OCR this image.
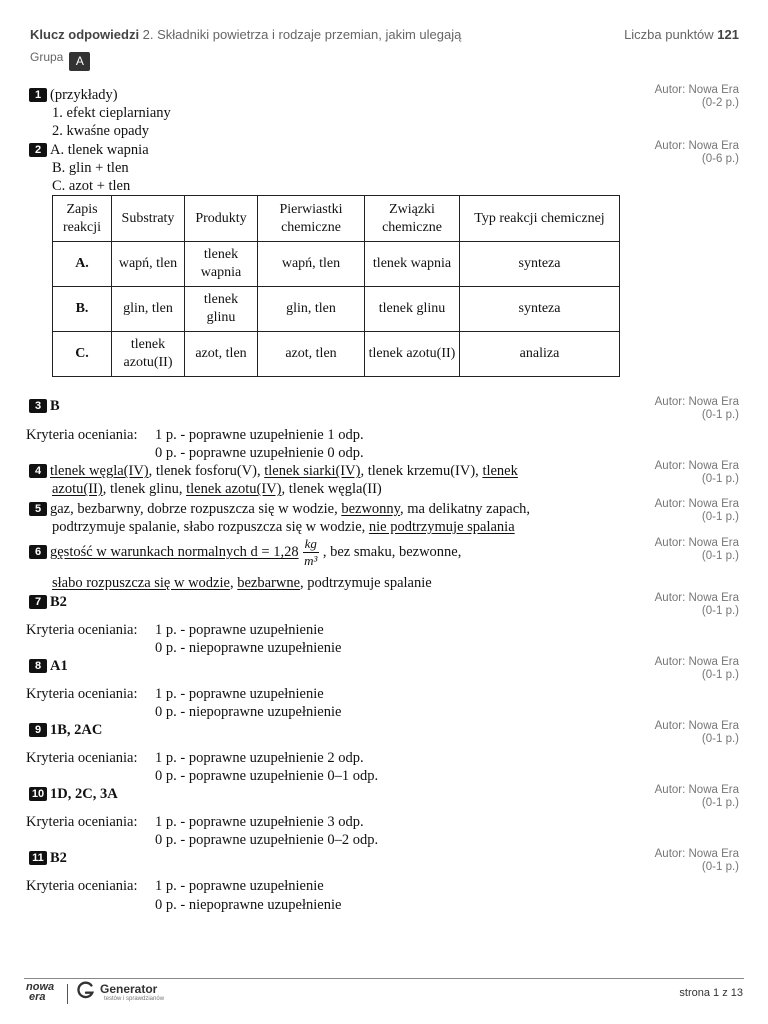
Klucz odpowiedzi 2. Składniki powietrza i rodzaje przemian, jakim ulegają	Liczba punktów 121
Grupa A
1 (przykłady)
1. efekt cieplarniany
2. kwaśne opady
Autor: Nowa Era
(0-2 p.)
2 A. tlenek wapnia
B. glin + tlen
C. azot + tlen
Autor: Nowa Era
(0-6 p.)
Zapis reakcji	Substraty	Produkty	Pierwiastki chemiczne	Związki chemiczne	Typ reakcji chemicznej
A.	wapń, tlen	tlenek wapnia	wapń, tlen	tlenek wapnia	synteza
B.	glin, tlen	tlenek glinu	glin, tlen	tlenek glinu	synteza
C.	tlenek azotu(II)	azot, tlen	azot, tlen	tlenek azotu(II)	analiza
3 B	Autor: Nowa Era
(0-1 p.)
Kryteria oceniania: 1 p. - poprawne uzupełnienie 1 odp.
0 p. - poprawne uzupełnienie 0 odp.
4 tlenek węgla(IV), tlenek fosforu(V), tlenek siarki(IV), tlenek krzemu(IV), tlenek
azotu(II), tlenek glinu, tlenek azotu(IV), tlenek węgla(II)
Autor: Nowa Era
(0-1 p.)
5 gaz, bezbarwny, dobrze rozpuszcza się w wodzie, bezwonny, ma delikatny zapach,
podtrzymuje spalanie, słabo rozpuszcza się w wodzie, nie podtrzymuje spalania
Autor: Nowa Era
(0-1 p.)
6 gęstość w warunkach normalnych $d = 1,28 \frac{kg}{\text{m³}}$ , bez smaku, bezwonne,
słabo rozpuszcza się w wodzie, bezbarwne, podtrzymuje spalanie
Autor: Nowa Era
(0-1 p.)
7 B2	Autor: Nowa Era
(0-1 p.)
Kryteria oceniania: 1 p. - poprawne uzupełnienie
0 p. - niepoprawne uzupełnienie
8 A1	Autor: Nowa Era
(0-1 p.)
Kryteria oceniania: 1 p. - poprawne uzupełnienie
0 p. - niepoprawne uzupełnienie
9 1B, 2AC	Autor: Nowa Era
(0-1 p.)
Kryteria oceniania: 1 p. - poprawne uzupełnienie 2 odp.
0 p. - poprawne uzupełnienie 0–1 odp.
10 1D, 2C, 3A	Autor: Nowa Era
(0-1 p.)
Kryteria oceniania: 1 p. - poprawne uzupełnienie 3 odp.
0 p. - poprawne uzupełnienie 0–2 odp.
11 B2	Autor: Nowa Era
(0-1 p.)
Kryteria oceniania: 1 p. - poprawne uzupełnienie
0 p. - niepoprawne uzupełnienie
nowa
era
Generator
testów i sprawdzianów	strona 1 z 13
